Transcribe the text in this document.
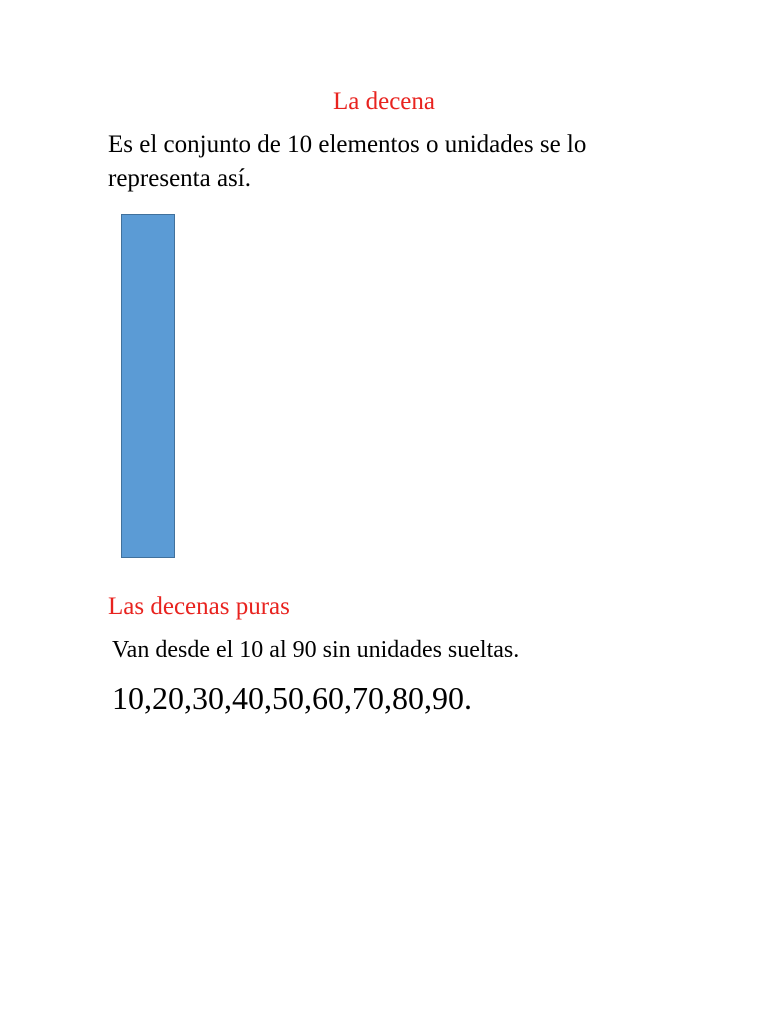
La decena
Es el conjunto de 10 elementos o unidades se lo
representa así.
Las decenas puras
Van desde el 10 al 90 sin unidades sueltas.
10,20,30,40,50,60,70,80,90.
